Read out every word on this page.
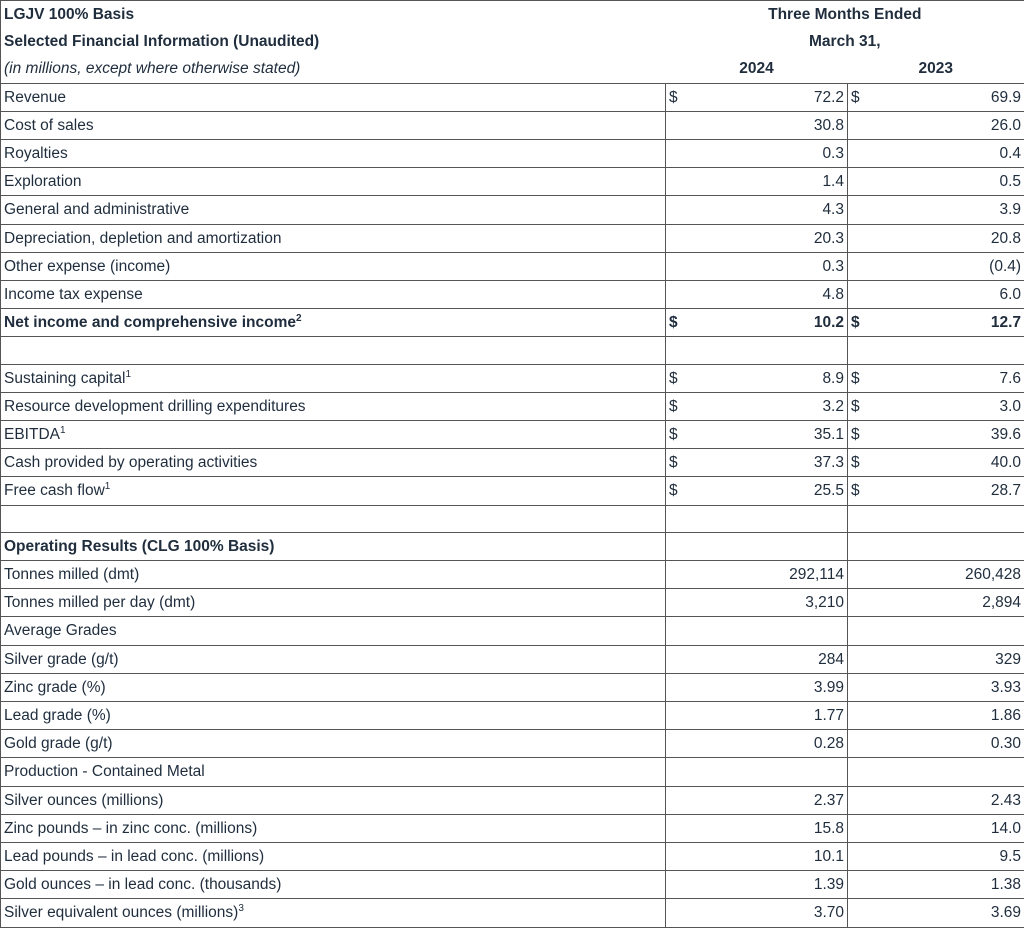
LGJV 100% Basis	Three Months Ended			
Selected Financial Information (Unaudited)	March 31,			
(in millions, except where otherwise stated)	2024		2023	
Revenue	$	72.2	$	69.9
Cost of sales		30.8		26.0
Royalties		0.3		0.4
Exploration		1.4		0.5
General and administrative		4.3		3.9
Depreciation, depletion and amortization		20.3		20.8
Other expense (income)		0.3		(0.4)
Income tax expense		4.8		6.0
Net income and comprehensive income$^2$	$	10.2	$	12.7

Sustaining capital$^1$	$	8.9	$	7.6
Resource development drilling expenditures	$	3.2	$	3.0
EBITDA$^1$	$	35.1	$	39.6
Cash provided by operating activities	$	37.3	$	40.0
Free cash flow$^1$	$	25.5	$	28.7

Operating Results (CLG 100% Basis)				
Tonnes milled (dmt)		292,114		260,428
Tonnes milled per day (dmt)		3,210		2,894
Average Grades				
Silver grade (g/t)		284		329
Zinc grade (%)		3.99		3.93
Lead grade (%)		1.77		1.86
Gold grade (g/t)		0.28		0.30
Production - Contained Metal				
Silver ounces (millions)		2.37		2.43
Zinc pounds – in zinc conc. (millions)		15.8		14.0
Lead pounds – in lead conc. (millions)		10.1		9.5
Gold ounces – in lead conc. (thousands)		1.39		1.38
Silver equivalent ounces (millions)$^3$		3.70		3.69
